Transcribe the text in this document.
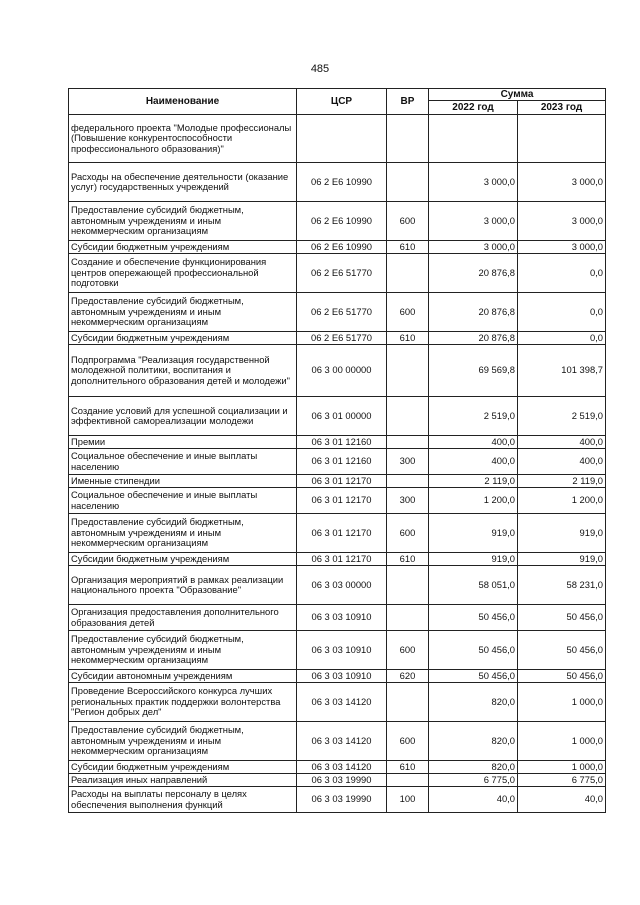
485
Наименование	ЦСР	ВР	Сумма	
			2022 год	2023 год
федерального проекта "Молодые профессионалы (Повышение конкурентоспособности профессионального образования)"				
Расходы на обеспечение деятельности (оказание услуг) государственных учреждений	06 2 E6 10990		3 000,0	3 000,0
Предоставление субсидий бюджетным, автономным учреждениям и иным некоммерческим организациям	06 2 E6 10990	600	3 000,0	3 000,0
Субсидии бюджетным учреждениям	06 2 E6 10990	610	3 000,0	3 000,0
Создание и обеспечение функционирования центров опережающей профессиональной подготовки	06 2 E6 51770		20 876,8	0,0
Предоставление субсидий бюджетным, автономным учреждениям и иным некоммерческим организациям	06 2 E6 51770	600	20 876,8	0,0
Субсидии бюджетным учреждениям	06 2 E6 51770	610	20 876,8	0,0
Подпрограмма "Реализация государственной молодежной политики, воспитания и дополнительного образования детей и молодежи"	06 3 00 00000		69 569,8	101 398,7
Создание условий для успешной социализации и эффективной самореализации молодежи	06 3 01 00000		2 519,0	2 519,0
Премии	06 3 01 12160		400,0	400,0
Социальное обеспечение и иные выплаты населению	06 3 01 12160	300	400,0	400,0
Именные стипендии	06 3 01 12170		2 119,0	2 119,0
Социальное обеспечение и иные выплаты населению	06 3 01 12170	300	1 200,0	1 200,0
Предоставление субсидий бюджетным, автономным учреждениям и иным некоммерческим организациям	06 3 01 12170	600	919,0	919,0
Субсидии бюджетным учреждениям	06 3 01 12170	610	919,0	919,0
Организация мероприятий в рамках реализации национального проекта "Образование"	06 3 03 00000		58 051,0	58 231,0
Организация предоставления дополнительного образования детей	06 3 03 10910		50 456,0	50 456,0
Предоставление субсидий бюджетным, автономным учреждениям и иным некоммерческим организациям	06 3 03 10910	600	50 456,0	50 456,0
Субсидии автономным учреждениям	06 3 03 10910	620	50 456,0	50 456,0
Проведение Всероссийского конкурса лучших региональных практик поддержки волонтерства "Регион добрых дел"	06 3 03 14120		820,0	1 000,0
Предоставление субсидий бюджетным, автономным учреждениям и иным некоммерческим организациям	06 3 03 14120	600	820,0	1 000,0
Субсидии бюджетным учреждениям	06 3 03 14120	610	820,0	1 000,0
Реализация иных направлений	06 3 03 19990		6 775,0	6 775,0
Расходы на выплаты персоналу в целях обеспечения выполнения функций	06 3 03 19990	100	40,0	40,0
